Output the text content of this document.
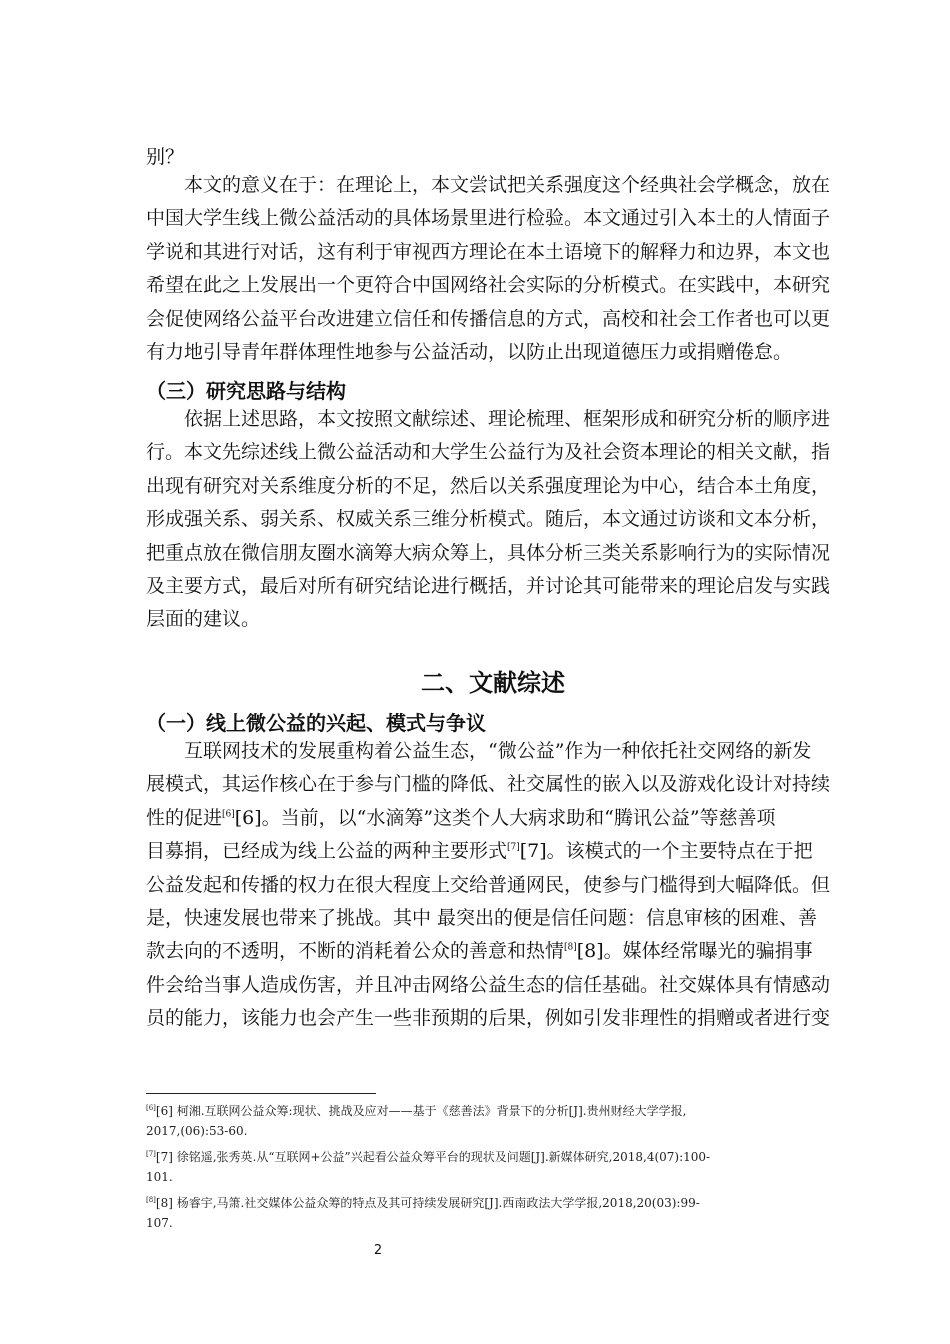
别？

本文的意义在于：在理论上，本文尝试把关系强度这个经典社会学概念，放在
中国大学生线上微公益活动的具体场景里进行检验。本文通过引入本土的人情面子
学说和其进行对话，这有利于审视西方理论在本土语境下的解释力和边界，本文也
希望在此之上发展出一个更符合中国网络社会实际的分析模式。在实践中，本研究
会促使网络公益平台改进建立信任和传播信息的方式，高校和社会工作者也可以更
有力地引导青年群体理性地参与公益活动，以防止出现道德压力或捐赠倦怠。

（三）研究思路与结构

依据上述思路，本文按照文献综述、理论梳理、框架形成和研究分析的顺序进
行。本文先综述线上微公益活动和大学生公益行为及社会资本理论的相关文献，指
出现有研究对关系维度分析的不足，然后以关系强度理论为中心，结合本土角度，
形成强关系、弱关系、权威关系三维分析模式。随后，本文通过访谈和文本分析，
把重点放在微信朋友圈水滴筹大病众筹上，具体分析三类关系影响行为的实际情况
及主要方式，最后对所有研究结论进行概括，并讨论其可能带来的理论启发与实践
层面的建议。

二、文献综述
（一）线上微公益的兴起、模式与争议

互联网技术的发展重构着公益生态，“微公益”作为一种依托社交网络的新发
展模式，其运作核心在于参与门槛的降低、社交属性的嵌入以及游戏化设计对持续
性的促进[6][6]。当前，以“水滴筹”这类个人大病求助和“腾讯公益”等慈善项
目募捐，已经成为线上公益的两种主要形式[7][7]。该模式的一个主要特点在于把
公益发起和传播的权力在很大程度上交给普通网民，使参与门槛得到大幅降低。但
是，快速发展也带来了挑战。其中 最突出的便是信任问题：信息审核的困难、善
款去向的不透明，不断的消耗着公众的善意和热情[8][8]。媒体经常曝光的骗捐事
件会给当事人造成伤害，并且冲击网络公益生态的信任基础。社交媒体具有情感动
员的能力，该能力也会产生一些非预期的后果，例如引发非理性的捐赠或者进行变

[6][6] 柯湘.互联网公益众筹:现状、挑战及应对——基于《慈善法》背景下的分析[J].贵州财经大学学报,
2017,(06):53-60.
[7][7] 徐铭遥,张秀英.从“互联网+公益”兴起看公益众筹平台的现状及问题[J].新媒体研究,2018,4(07):100-
101.
[8][8] 杨睿宇,马箫.社交媒体公益众筹的特点及其可持续发展研究[J].西南政法大学学报,2018,20(03):99-
107.
2
